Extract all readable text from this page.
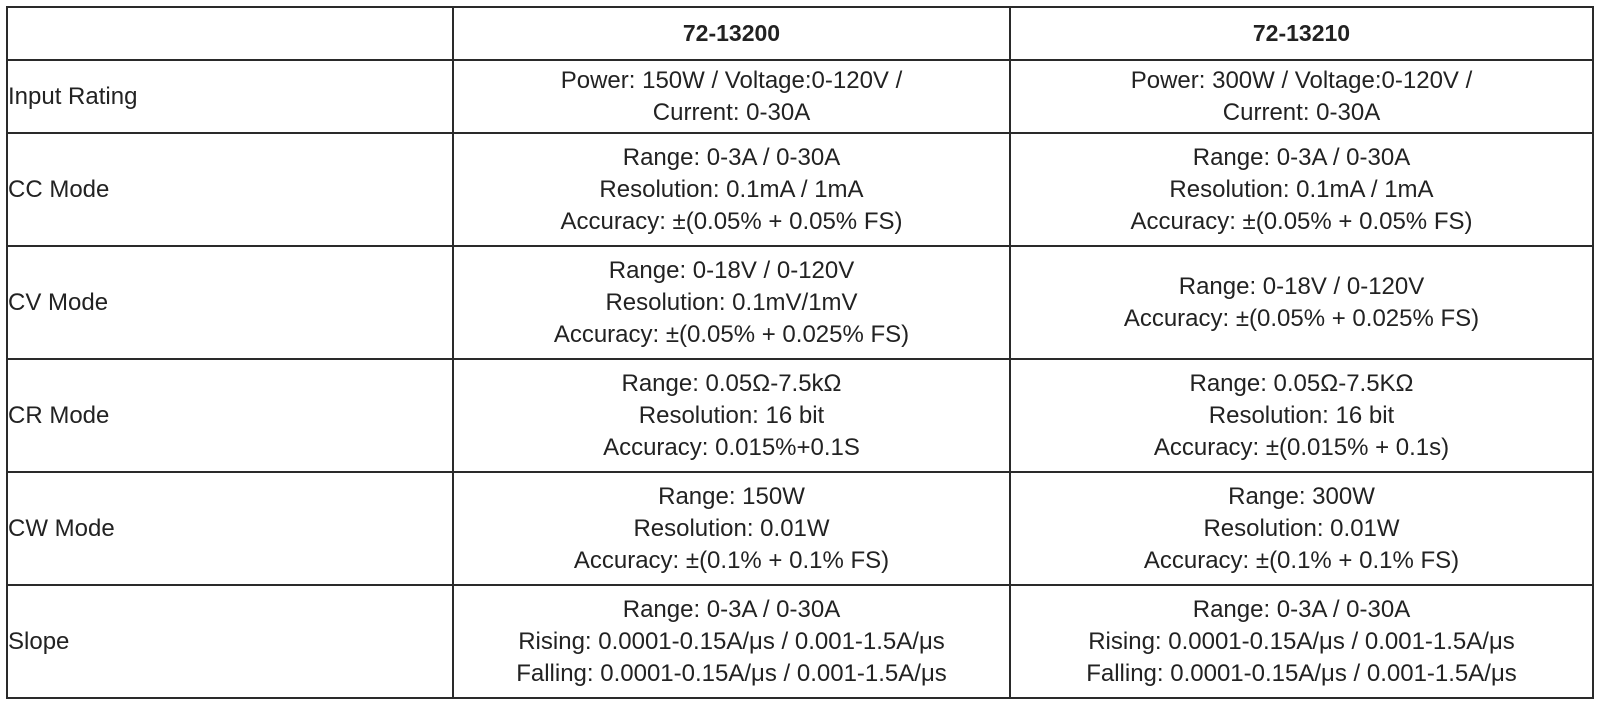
	72-13200	72-13210
Input Rating	Power: 150W / Voltage:0-120V /
Current: 0-30A	Power: 300W / Voltage:0-120V /
Current: 0-30A

CC Mode	Range: 0-3A / 0-30A
Resolution: 0.1mA / 1mA
Accuracy: ±(0.05% + 0.05% FS)	Range: 0-3A / 0-30A
Resolution: 0.1mA / 1mA
Accuracy: ±(0.05% + 0.05% FS)

CV Mode	Range: 0-18V / 0-120V
Resolution: 0.1mV/1mV
Accuracy: ±(0.05% + 0.025% FS)	Range: 0-18V / 0-120V
Accuracy: ±(0.05% + 0.025% FS)

CR Mode	Range: 0.05Ω-7.5kΩ
Resolution: 16 bit
Accuracy: 0.015%+0.1S	Range: 0.05Ω-7.5KΩ
Resolution: 16 bit
Accuracy: ±(0.015% + 0.1s)

CW Mode	Range: 150W
Resolution: 0.01W
Accuracy: ±(0.1% + 0.1% FS)	Range: 300W
Resolution: 0.01W
Accuracy: ±(0.1% + 0.1% FS)

Slope	Range: 0-3A / 0-30A
Rising: 0.0001-0.15A/μs / 0.001-1.5A/μs
Falling: 0.0001-0.15A/μs / 0.001-1.5A/μs	Range: 0-3A / 0-30A
Rising: 0.0001-0.15A/μs / 0.001-1.5A/μs
Falling: 0.0001-0.15A/μs / 0.001-1.5A/μs
